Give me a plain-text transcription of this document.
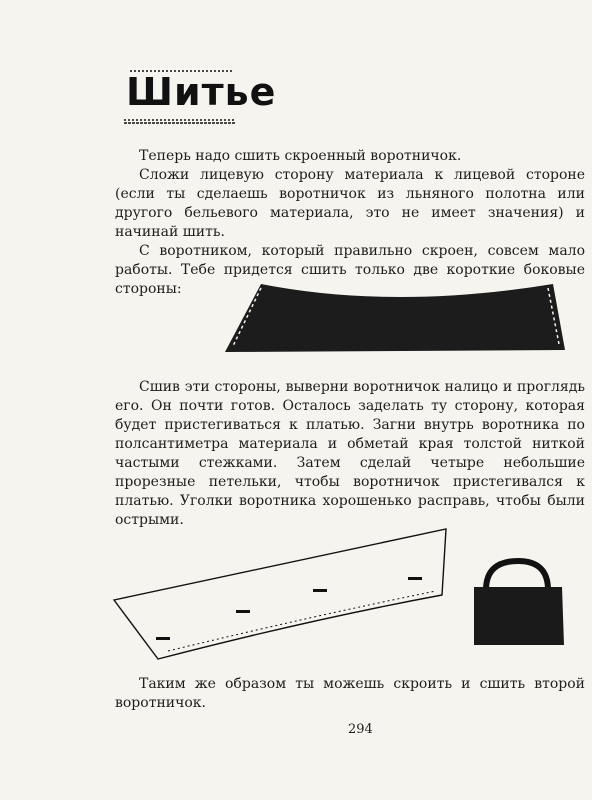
Шитье

Теперь надо сшить скроенный воротничок.

Сложи лицевую сторону материала к лицевой стороне (если ты сделаешь воротничок из льняного полотна или другого бельевого материала, это не имеет значения) и начинай шить.

С воротником, который правильно скроен, совсем мало работы. Тебе придется сшить только две короткие боковые стороны:

Сшив эти стороны, выверни воротничок налицо и проглядь его. Он почти готов. Осталось заделать ту сторону, которая будет пристегиваться к платью. Загни внутрь воротника по полсантиметра материала и обметай края толстой ниткой частыми стежками. Затем сделай четыре небольшие прорезные петельки, чтобы воротничок пристегивался к платью. Уголки воротника хорошенько расправь, чтобы были острыми.

Таким же образом ты можешь скроить и сшить второй воротничок.

294
